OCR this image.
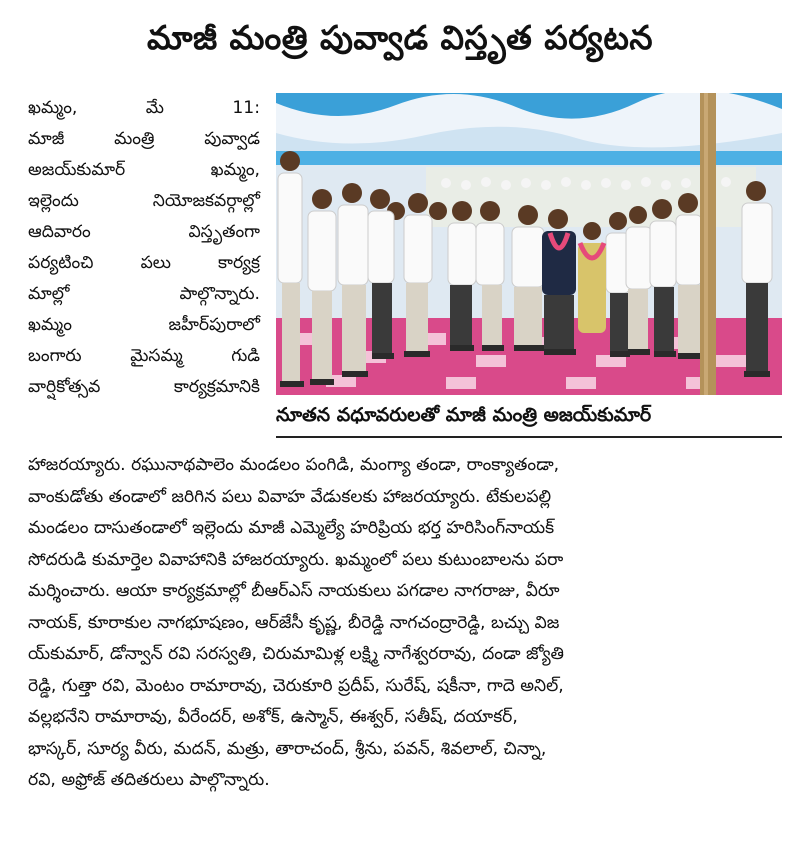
మాజీ మంత్రి పువ్వాడ విస్తృత పర్యటన
ఖమ్మం, మే 11:
మాజీ మంత్రి పువ్వాడ
అజయ్‌కుమార్ ఖమ్మం,
ఇల్లెందు నియోజకవర్గాల్లో
ఆదివారం విస్తృతంగా
పర్యటించి పలు కార్యక్ర
మాల్లో పాల్గొన్నారు.
ఖమ్మం జహీర్‌పురాలో
బంగారు మైసమ్మ గుడి
వార్షికోత్సవ కార్యక్రమానికి
నూతన వధూవరులతో మాజీ మంత్రి అజయ్‌కుమార్
హాజరయ్యారు. రఘునాథపాలెం మండలం పంగిడి, మంగ్యా తండా, రాంక్యాతండా,
వాంకుడోతు తండాలో జరిగిన పలు వివాహ వేడుకలకు హాజరయ్యారు. టేకులపల్లి
మండలం దాసుతండాలో ఇల్లెందు మాజీ ఎమ్మెల్యే హరిప్రియ భర్త హరిసింగ్‌నాయక్
సోదరుడి కుమార్తెల వివాహానికి హాజరయ్యారు. ఖమ్మంలో పలు కుటుంబాలను పరా
మర్శించారు. ఆయా కార్యక్రమాల్లో బీఆర్‌ఎస్ నాయకులు పగడాల నాగరాజు, వీరూ
నాయక్, కూరాకుల నాగభూషణం, ఆర్‌జేసీ కృష్ణ, బీరెడ్డి నాగచంద్రారెడ్డి, బచ్చు విజ
య్‌కుమార్, డోన్వాన్ రవి సరస్వతి, చిరుమామిళ్ల లక్ష్మి నాగేశ్వరరావు, దండా జ్యోతి
రెడ్డి, గుత్తా రవి, మెంటం రామారావు, చెరుకూరి ప్రదీప్, సురేష్, షకీనా, గాదె అనిల్,
వల్లభనేని రామారావు, వీరేందర్, అశోక్, ఉస్మాన్, ఈశ్వర్, సతీష్, దయాకర్,
భాస్కర్, సూర్య వీరు, మదన్, మత్రు, తారాచంద్, శ్రీను, పవన్, శివలాల్, చిన్నా,
రవి, అఫ్రోజ్ తదితరులు పాల్గొన్నారు.
